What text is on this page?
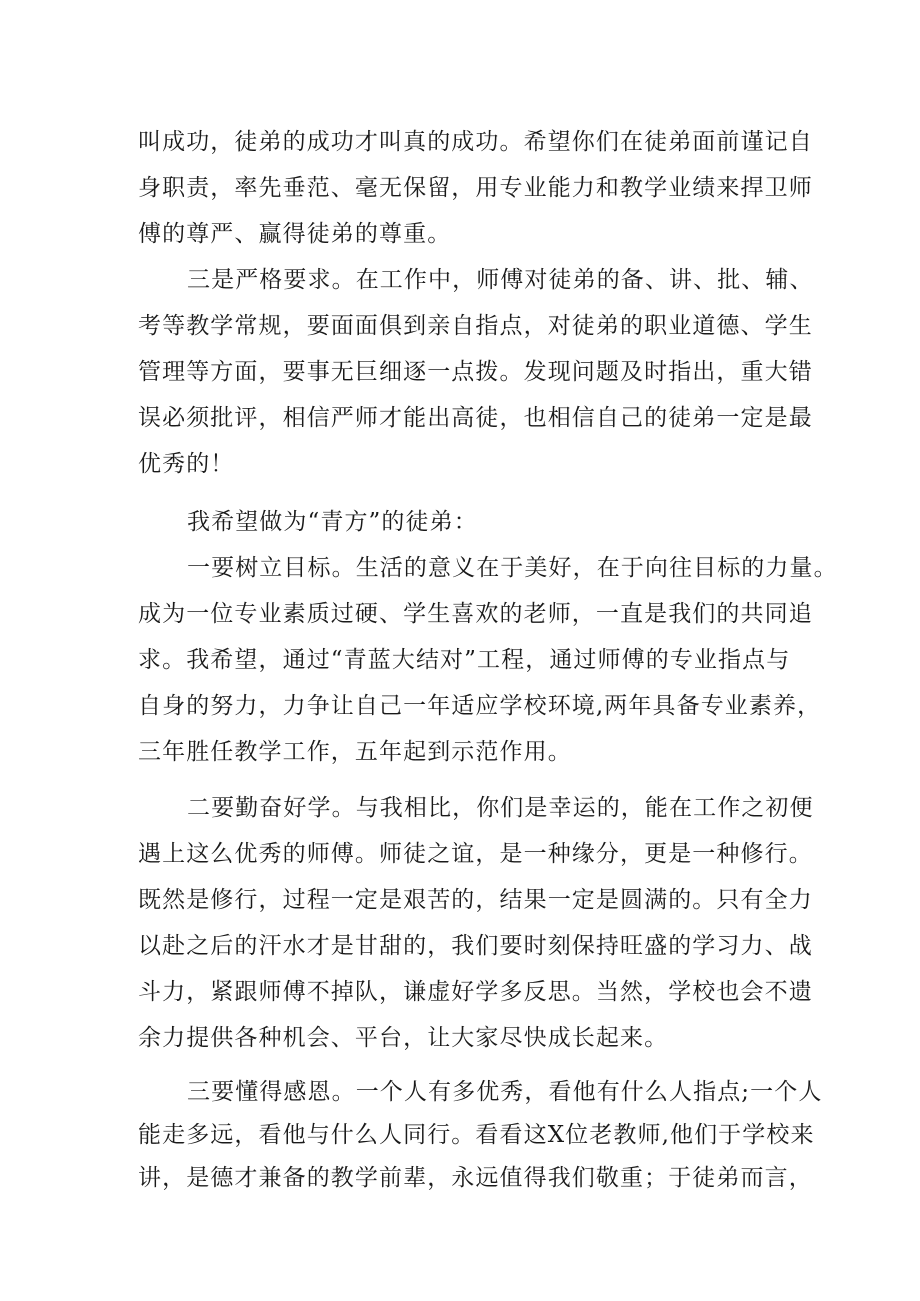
叫成功，徒弟的成功才叫真的成功。希望你们在徒弟面前谨记自
身职责，率先垂范、毫无保留，用专业能力和教学业绩来捍卫师
傅的尊严、赢得徒弟的尊重。
三是严格要求。在工作中，师傅对徒弟的备、讲、批、辅、
考等教学常规，要面面俱到亲自指点，对徒弟的职业道德、学生
管理等方面，要事无巨细逐一点拨。发现问题及时指出，重大错
误必须批评，相信严师才能出高徒，也相信自己的徒弟一定是最
优秀的！
我希望做为“青方”的徒弟：
一要树立目标。生活的意义在于美好，在于向往目标的力量。
成为一位专业素质过硬、学生喜欢的老师，一直是我们的共同追
求。我希望，通过“青蓝大结对”工程，通过师傅的专业指点与
自身的努力，力争让自己一年适应学校环境,两年具备专业素养，
三年胜任教学工作，五年起到示范作用。
二要勤奋好学。与我相比，你们是幸运的，能在工作之初便
遇上这么优秀的师傅。师徒之谊，是一种缘分，更是一种修行。
既然是修行，过程一定是艰苦的，结果一定是圆满的。只有全力
以赴之后的汗水才是甘甜的，我们要时刻保持旺盛的学习力、战
斗力，紧跟师傅不掉队，谦虚好学多反思。当然，学校也会不遗
余力提供各种机会、平台，让大家尽快成长起来。
三要懂得感恩。一个人有多优秀，看他有什么人指点;一个人
能走多远，看他与什么人同行。看看这X位老教师,他们于学校来
讲，是德才兼备的教学前辈，永远值得我们敬重；于徒弟而言，
